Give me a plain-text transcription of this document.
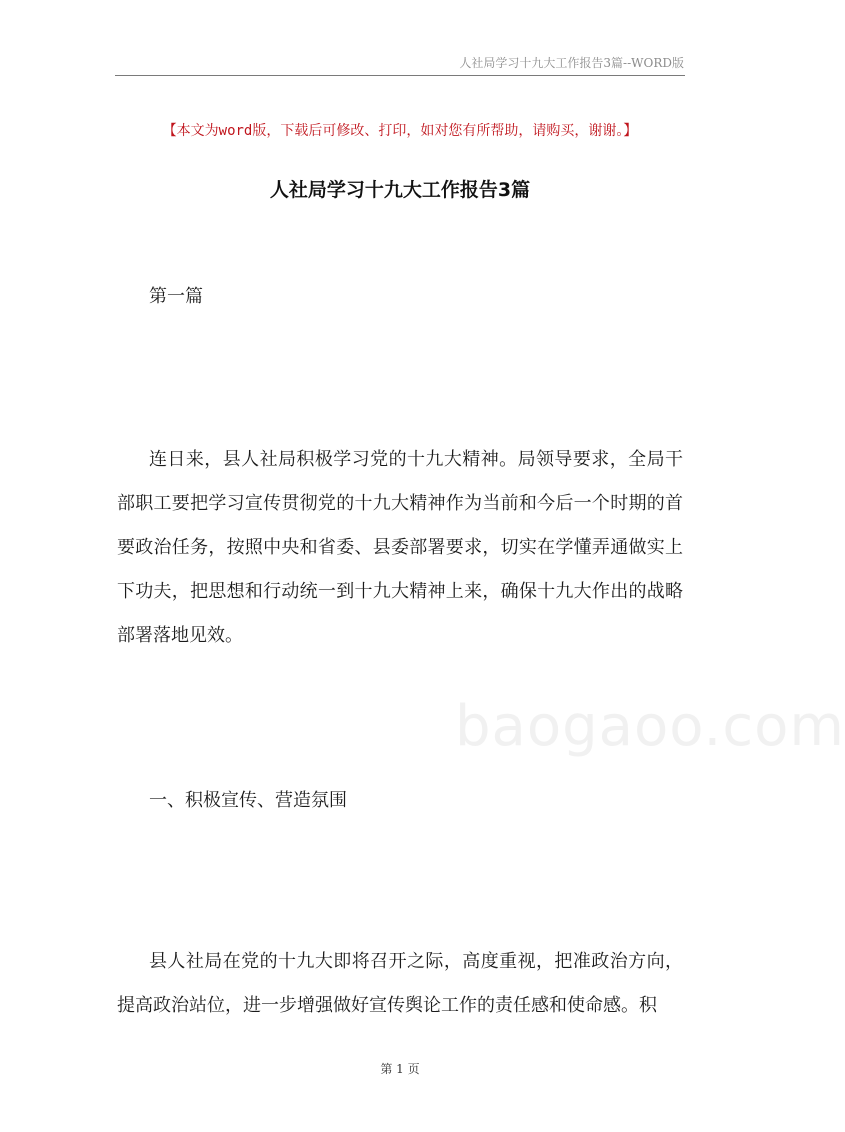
人社局学习十九大工作报告3篇--WORD版
【本文为word版，下载后可修改、打印，如对您有所帮助，请购买，谢谢。】
人社局学习十九大工作报告3篇
第一篇

连日来，县人社局积极学习党的十九大精神。局领导要求，全局干部职工要把学习宣传贯彻党的十九大精神作为当前和今后一个时期的首要政治任务，按照中央和省委、县委部署要求，切实在学懂弄通做实上下功夫，把思想和行动统一到十九大精神上来，确保十九大作出的战略部署落地见效。

baogaoo.com
一、积极宣传、营造氛围

县人社局在党的十九大即将召开之际，高度重视，把准政治方向，提高政治站位，进一步增强做好宣传舆论工作的责任感和使命感。积

第 1 页
